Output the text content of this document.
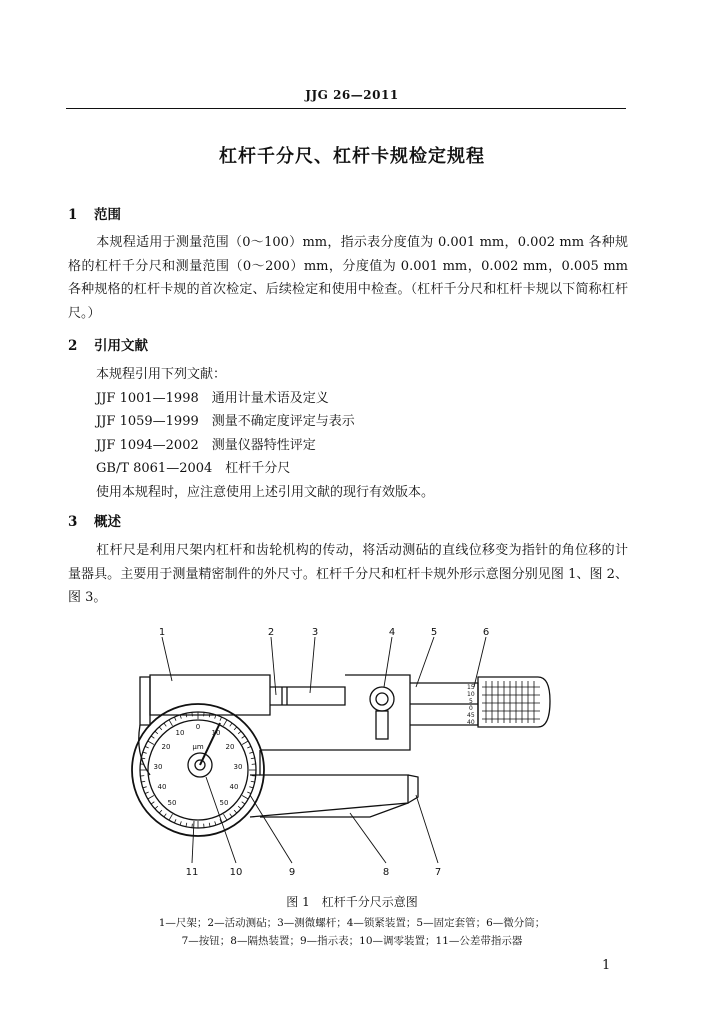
JJG 26—2011
杠杆千分尺、杠杆卡规检定规程
1 范围
本规程适用于测量范围（0～100）mm，指示表分度值为 0.001 mm，0.002 mm 各种规格的杠杆千分尺和测量范围（0～200）mm，分度值为 0.001 mm，0.002 mm，0.005 mm 各种规格的杠杆卡规的首次检定、后续检定和使用中检查。（杠杆千分尺和杠杆卡规以下简称杠杆尺。）
2 引用文献
本规程引用下列文献：
JJF 1001—1998　通用计量术语及定义
JJF 1059—1999　测量不确定度评定与表示
JJF 1094—2002　测量仪器特性评定
GB/T 8061—2004　杠杆千分尺
使用本规程时，应注意使用上述引用文献的现行有效版本。
3 概述
杠杆尺是利用尺架内杠杆和齿轮机构的传动，将活动测砧的直线位移变为指针的角位移的计量器具。主要用于测量精密制件的外尺寸。杠杆千分尺和杠杆卡规外形示意图分别见图 1、图 2、图 3。
0
10	10
20	20
30	30
40	40
50	50
μm
15
10
5
0
45
40
1	2	3	4	5	6
11	10	9	8	7
图 1　杠杆千分尺示意图
1—尺架；2—活动测砧；3—测微螺杆；4—锁紧装置；5—固定套管；6—微分筒；
7—按钮；8—隔热装置；9—指示表；10—调零装置；11—公差带指示器
1
